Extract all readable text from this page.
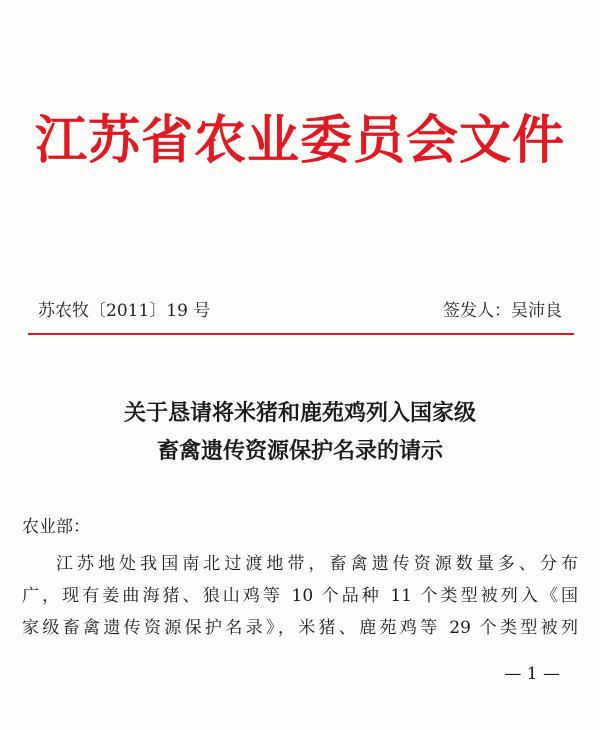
江苏省农业委员会文件
苏农牧〔2011〕19 号	签发人：吴沛良
关于恳请将米猪和鹿苑鸡列入国家级
畜禽遗传资源保护名录的请示
农业部：
江苏地处我国南北过渡地带，畜禽遗传资源数量多、分布
广，现有姜曲海猪、狼山鸡等 10 个品种 11 个类型被列入《国
家级畜禽遗传资源保护名录》，米猪、鹿苑鸡等 29 个类型被列
— 1 —
